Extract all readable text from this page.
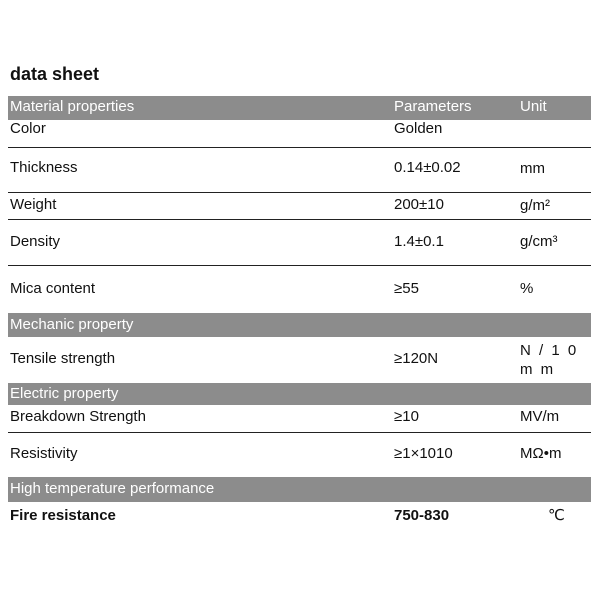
data sheet
Material properties	Parameters	Unit
Color	Golden
Thickness	0.14±0.02	mm
Weight	200±10	g/m²
Density	1.4±0.1	g/cm³
Mica content	≥55	%
Mechanic property
Tensile strength	≥120N	N / 1 0 m m
Electric property
Breakdown Strength	≥10	MV/m
Resistivity	≥1×1010	MΩ•m
High temperature performance
Fire resistance	750-830	℃
